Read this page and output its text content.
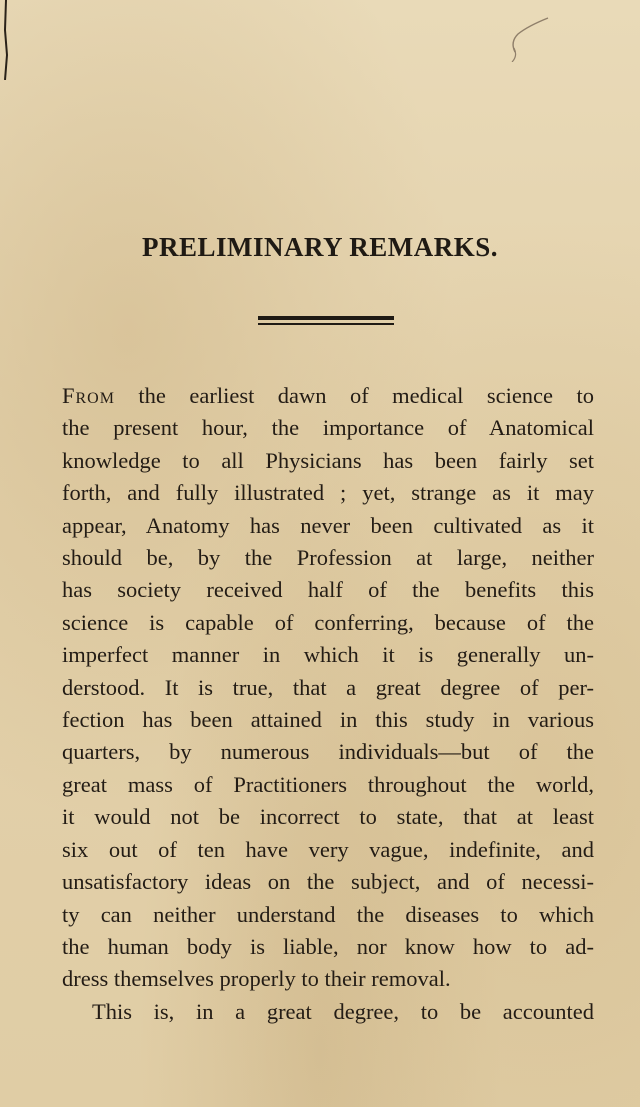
PRELIMINARY REMARKS.
From the earliest dawn of medical science to
the present hour, the importance of Anatomical
knowledge to all Physicians has been fairly set
forth, and fully illustrated ; yet, strange as it may
appear, Anatomy has never been cultivated as it
should be, by the Profession at large, neither
has society received half of the benefits this
science is capable of conferring, because of the
imperfect manner in which it is generally un-
derstood. It is true, that a great degree of per-
fection has been attained in this study in various
quarters, by numerous individuals—but of the
great mass of Practitioners throughout the world,
it would not be incorrect to state, that at least
six out of ten have very vague, indefinite, and
unsatisfactory ideas on the subject, and of necessi-
ty can neither understand the diseases to which
the human body is liable, nor know how to ad-
dress themselves properly to their removal.
This is, in a great degree, to be accounted
